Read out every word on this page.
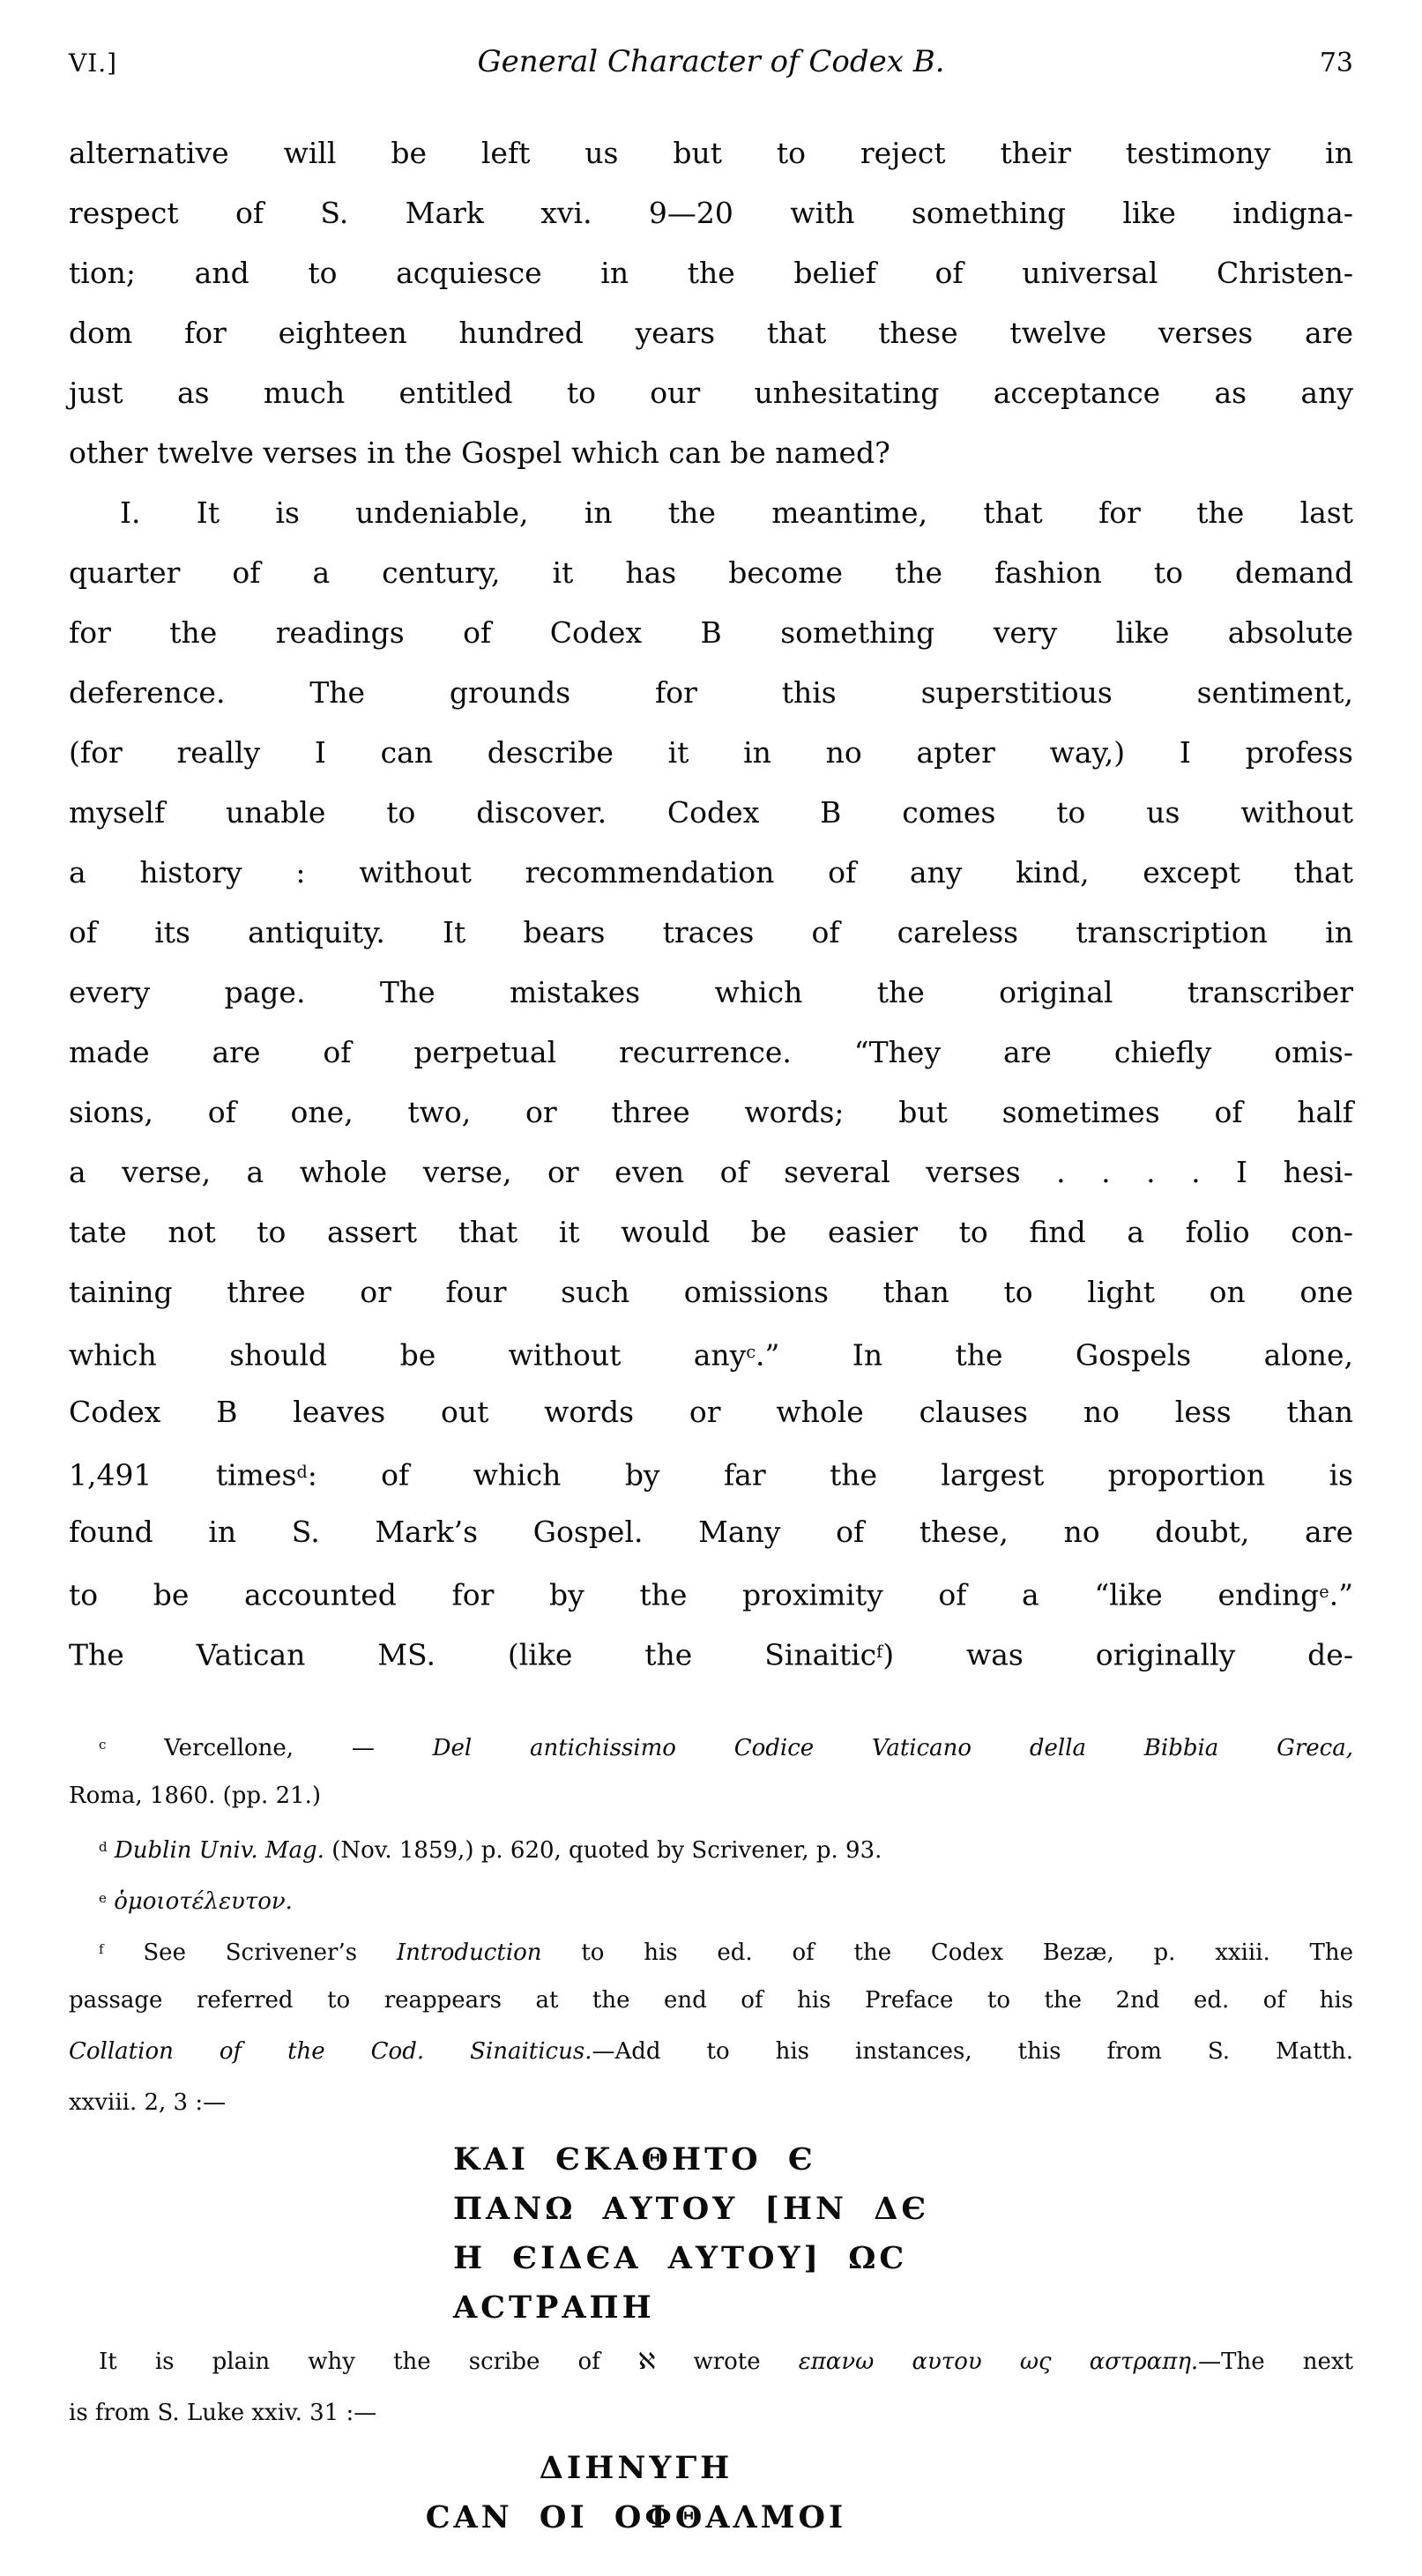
VI.]	General Character of Codex B.	73
alternative will be left us but to reject their testimony in
respect of S. Mark xvi. 9—20 with something like indigna-
tion; and to acquiesce in the belief of universal Christen-
dom for eighteen hundred years that these twelve verses are
just as much entitled to our unhesitating acceptance as any
other twelve verses in the Gospel which can be named?
I. It is undeniable, in the meantime, that for the last
quarter of a century, it has become the fashion to demand
for the readings of Codex B something very like absolute
deference. The grounds for this superstitious sentiment,
(for really I can describe it in no apter way,) I profess
myself unable to discover. Codex B comes to us without
a history : without recommendation of any kind, except that
of its antiquity. It bears traces of careless transcription in
every page. The mistakes which the original transcriber
made are of perpetual recurrence. “They are chiefly omis-
sions, of one, two, or three words; but sometimes of half
a verse, a whole verse, or even of several verses . . . . I hesi-
tate not to assert that it would be easier to find a folio con-
taining three or four such omissions than to light on one
which should be without any$^c$.” In the Gospels alone,
Codex B leaves out words or whole clauses no less than
1,491 times$^d$: of which by far the largest proportion is
found in S. Mark’s Gospel. Many of these, no doubt, are
to be accounted for by the proximity of a “like ending$^e$.”
The Vatican MS. (like the Sinaitic$^f$) was originally de-
$^c$ Vercellone, — Del antichissimo Codice Vaticano della Bibbia Greca,
Roma, 1860. (pp. 21.)
$^d$ Dublin Univ. Mag. (Nov. 1859,) p. 620, quoted by Scrivener, p. 93.
$^e$ ὁμοιοτέλευτον.
$^f$ See Scrivener’s Introduction to his ed. of the Codex Bezæ, p. xxiii. The
passage referred to reappears at the end of his Preface to the 2nd ed. of his
Collation of the Cod. Sinaiticus.—Add to his instances, this from S. Matth.
xxviii. 2, 3 :—
ΚΑΙ ЄΚΑΘΗΤΟ Є
ΠΑΝΩ ΑΥΤΟΥ [ΗΝ ΔЄ
Η ЄΙΔЄΑ ΑΥΤΟΥ] ΩC
ΑCΤΡΑΠΗ
It is plain why the scribe of ℵ wrote επανω αυτου ως αστραπη.—The next
is from S. Luke xxiv. 31 :—
ΔΙΗΝΥΓΗ
CΑΝ ΟΙ ΟΦΘΑΛΜΟΙ
